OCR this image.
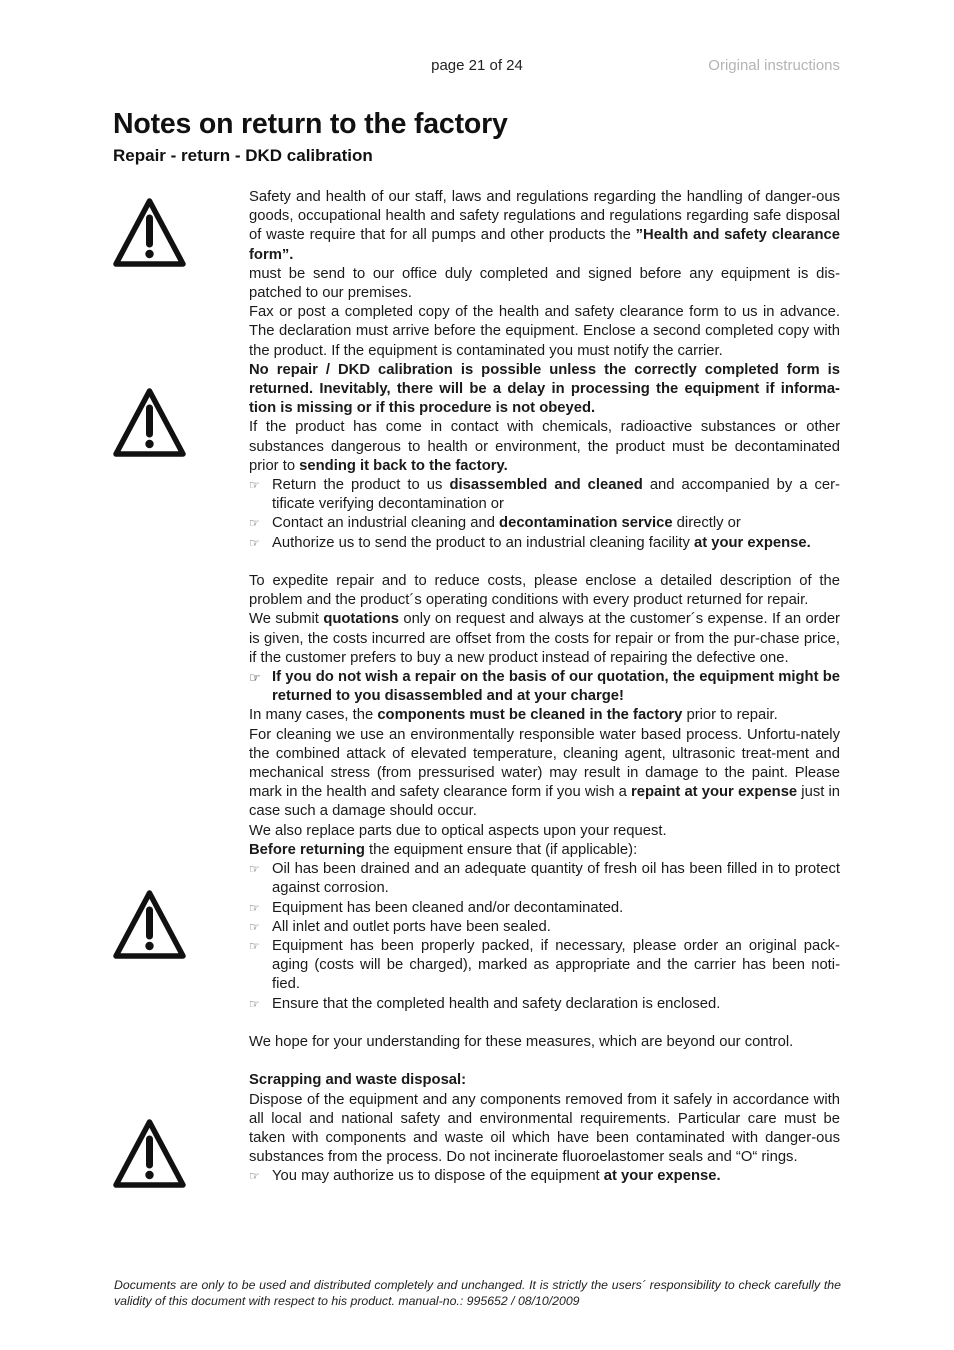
page 21 of 24	Original instructions
Notes on return to the factory
Repair - return - DKD calibration

Safety and health of our staff, laws and regulations regarding the handling of danger-ous goods, occupational health and safety regulations and regulations regarding safe disposal of waste require that for all pumps and other products the ”Health and safety clearance form”.

must be send to our office duly completed and signed before any equipment is dis-patched to our premises.

Fax or post a completed copy of the health and safety clearance form to us in advance. The declaration must arrive before the equipment. Enclose a second completed copy with the product. If the equipment is contaminated you must notify the carrier.

No repair / DKD calibration is possible unless the correctly completed form is returned. Inevitably, there will be a delay in processing the equipment if informa-tion is missing or if this procedure is not obeyed.

If the product has come in contact with chemicals, radioactive substances or other substances dangerous to health or environment, the product must be decontaminated prior to sending it back to the factory.

☞ Return the product to us disassembled and cleaned and accompanied by a cer-tificate verifying decontamination or
☞ Contact an industrial cleaning and decontamination service directly or
☞ Authorize us to send the product to an industrial cleaning facility at your expense.

To expedite repair and to reduce costs, please enclose a detailed description of the problem and the product´s operating conditions with every product returned for repair.

We submit quotations only on request and always at the customer´s expense. If an order is given, the costs incurred are offset from the costs for repair or from the pur-chase price, if the customer prefers to buy a new product instead of repairing the defective one.

☞ If you do not wish a repair on the basis of our quotation, the equipment might be returned to you disassembled and at your charge!

In many cases, the components must be cleaned in the factory prior to repair.

For cleaning we use an environmentally responsible water based process. Unfortu-nately the combined attack of elevated temperature, cleaning agent, ultrasonic treat-ment and mechanical stress (from pressurised water) may result in damage to the paint. Please mark in the health and safety clearance form if you wish a repaint at your expense just in case such a damage should occur.

We also replace parts due to optical aspects upon your request.

Before returning the equipment ensure that (if applicable):

☞ Oil has been drained and an adequate quantity of fresh oil has been filled in to protect against corrosion.
☞ Equipment has been cleaned and/or decontaminated.
☞ All inlet and outlet ports have been sealed.
☞ Equipment has been properly packed, if necessary, please order an original pack-aging (costs will be charged), marked as appropriate and the carrier has been noti-fied.
☞ Ensure that the completed health and safety declaration is enclosed.

We hope for your understanding for these measures, which are beyond our control.

Scrapping and waste disposal:

Dispose of the equipment and any components removed from it safely in accordance with all local and national safety and environmental requirements. Particular care must be taken with components and waste oil which have been contaminated with danger-ous substances from the process. Do not incinerate fluoroelastomer seals and “O“ rings.

☞ You may authorize us to dispose of the equipment at your expense.
Documents are only to be used and distributed completely and unchanged. It is strictly the users´ responsibility to check carefully the validity of this document with respect to his product. manual-no.: 995652 / 08/10/2009
